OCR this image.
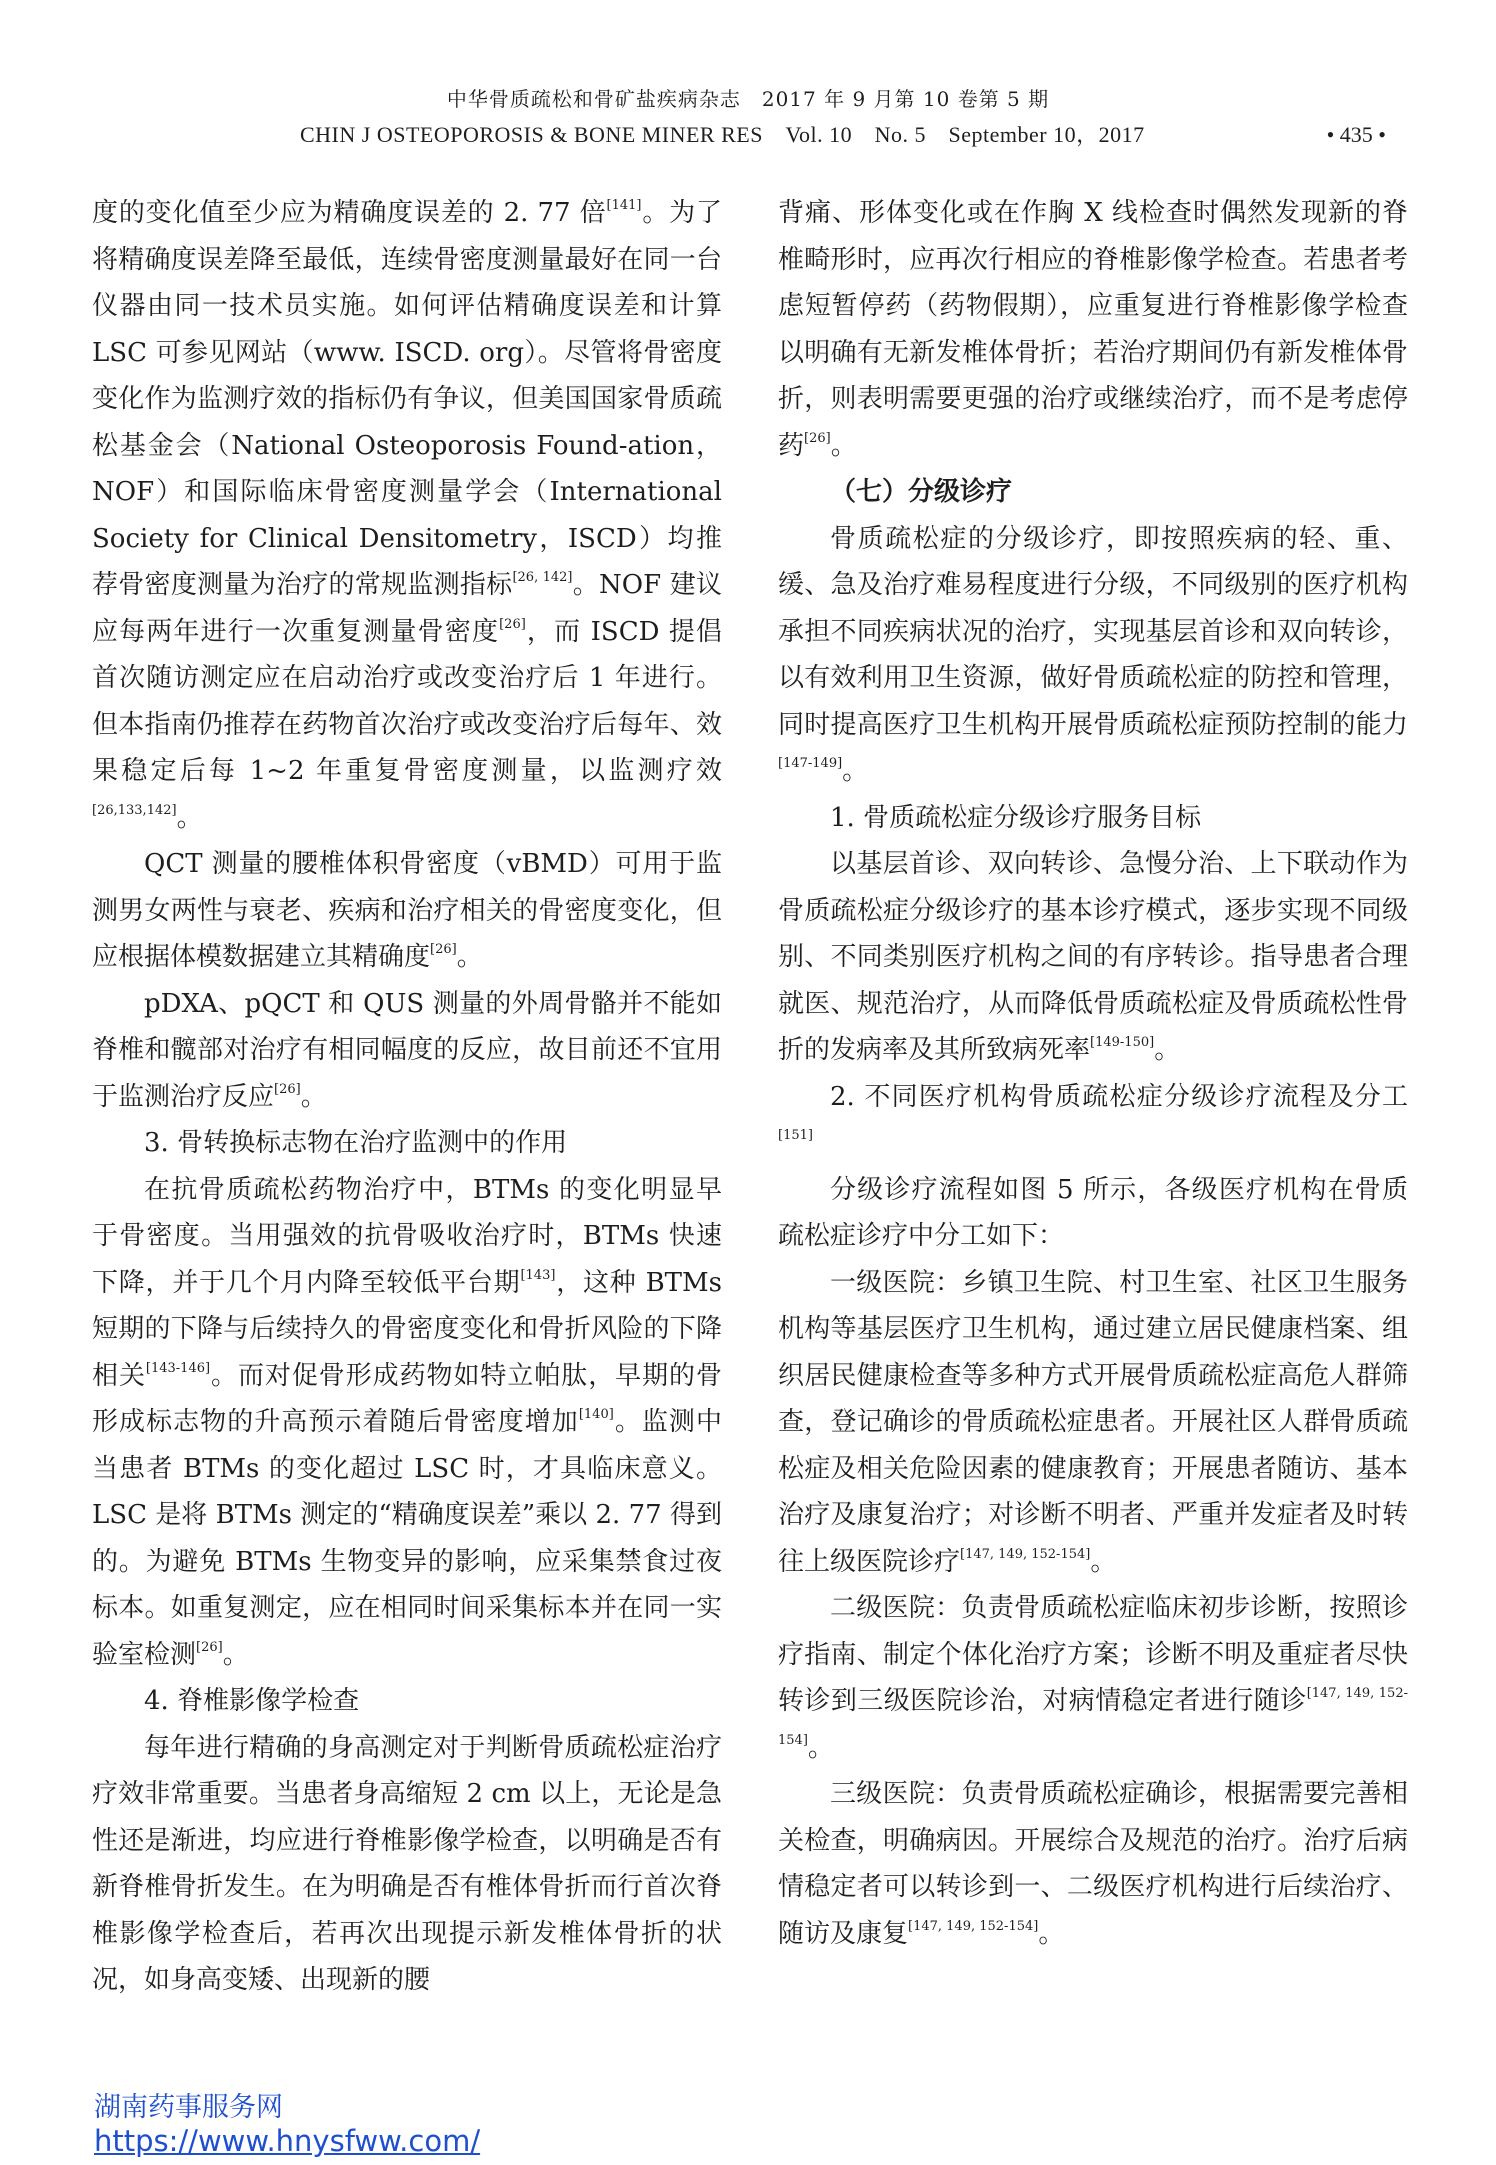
中华骨质疏松和骨矿盐疾病杂志　2017 年 9 月第 10 卷第 5 期
CHIN J OSTEOPOROSIS & BONE MINER RES　Vol. 10　No. 5　September 10，2017	• 435 •

度的变化值至少应为精确度误差的 2. 77 倍[141]。为了将精确度误差降至最低，连续骨密度测量最好在同一台仪器由同一技术员实施。如何评估精确度误差和计算 LSC 可参见网站（www. ISCD. org）。尽管将骨密度变化作为监测疗效的指标仍有争议，但美国国家骨质疏松基金会（National Osteoporosis Found-ation，NOF）和国际临床骨密度测量学会（International Society for Clinical Densitometry，ISCD）均推荐骨密度测量为治疗的常规监测指标[26, 142]。NOF 建议应每两年进行一次重复测量骨密度[26]，而 ISCD 提倡首次随访测定应在启动治疗或改变治疗后 1 年进行。但本指南仍推荐在药物首次治疗或改变治疗后每年、效果稳定后每 1~2 年重复骨密度测量，以监测疗效[26,133,142]。

QCT 测量的腰椎体积骨密度（vBMD）可用于监测男女两性与衰老、疾病和治疗相关的骨密度变化，但应根据体模数据建立其精确度[26]。

pDXA、pQCT 和 QUS 测量的外周骨骼并不能如脊椎和髋部对治疗有相同幅度的反应，故目前还不宜用于监测治疗反应[26]。

3. 骨转换标志物在治疗监测中的作用

在抗骨质疏松药物治疗中，BTMs 的变化明显早于骨密度。当用强效的抗骨吸收治疗时，BTMs 快速下降，并于几个月内降至较低平台期[143]，这种 BTMs 短期的下降与后续持久的骨密度变化和骨折风险的下降相关[143-146]。而对促骨形成药物如特立帕肽，早期的骨形成标志物的升高预示着随后骨密度增加[140]。监测中当患者 BTMs 的变化超过 LSC 时，才具临床意义。LSC 是将 BTMs 测定的“精确度误差”乘以 2. 77 得到的。为避免 BTMs 生物变异的影响，应采集禁食过夜标本。如重复测定，应在相同时间采集标本并在同一实验室检测[26]。

4. 脊椎影像学检查

每年进行精确的身高测定对于判断骨质疏松症治疗疗效非常重要。当患者身高缩短 2 cm 以上，无论是急性还是渐进，均应进行脊椎影像学检查，以明确是否有新脊椎骨折发生。在为明确是否有椎体骨折而行首次脊椎影像学检查后，若再次出现提示新发椎体骨折的状况，如身高变矮、出现新的腰

背痛、形体变化或在作胸 X 线检查时偶然发现新的脊椎畸形时，应再次行相应的脊椎影像学检查。若患者考虑短暂停药（药物假期），应重复进行脊椎影像学检查以明确有无新发椎体骨折；若治疗期间仍有新发椎体骨折，则表明需要更强的治疗或继续治疗，而不是考虑停药[26]。

（七）分级诊疗

骨质疏松症的分级诊疗，即按照疾病的轻、重、缓、急及治疗难易程度进行分级，不同级别的医疗机构承担不同疾病状况的治疗，实现基层首诊和双向转诊，以有效利用卫生资源，做好骨质疏松症的防控和管理，同时提高医疗卫生机构开展骨质疏松症预防控制的能力[147-149]。

1. 骨质疏松症分级诊疗服务目标

以基层首诊、双向转诊、急慢分治、上下联动作为骨质疏松症分级诊疗的基本诊疗模式，逐步实现不同级别、不同类别医疗机构之间的有序转诊。指导患者合理就医、规范治疗，从而降低骨质疏松症及骨质疏松性骨折的发病率及其所致病死率[149-150]。

2. 不同医疗机构骨质疏松症分级诊疗流程及分工[151]

分级诊疗流程如图 5 所示，各级医疗机构在骨质疏松症诊疗中分工如下：

一级医院：乡镇卫生院、村卫生室、社区卫生服务机构等基层医疗卫生机构，通过建立居民健康档案、组织居民健康检查等多种方式开展骨质疏松症高危人群筛查，登记确诊的骨质疏松症患者。开展社区人群骨质疏松症及相关危险因素的健康教育；开展患者随访、基本治疗及康复治疗；对诊断不明者、严重并发症者及时转往上级医院诊疗[147, 149, 152-154]。

二级医院：负责骨质疏松症临床初步诊断，按照诊疗指南、制定个体化治疗方案；诊断不明及重症者尽快转诊到三级医院诊治，对病情稳定者进行随诊[147, 149, 152-154]。

三级医院：负责骨质疏松症确诊，根据需要完善相关检查，明确病因。开展综合及规范的治疗。治疗后病情稳定者可以转诊到一、二级医疗机构进行后续治疗、随访及康复[147, 149, 152-154]。

湖南药事服务网
https://www.hnysfww.com/
